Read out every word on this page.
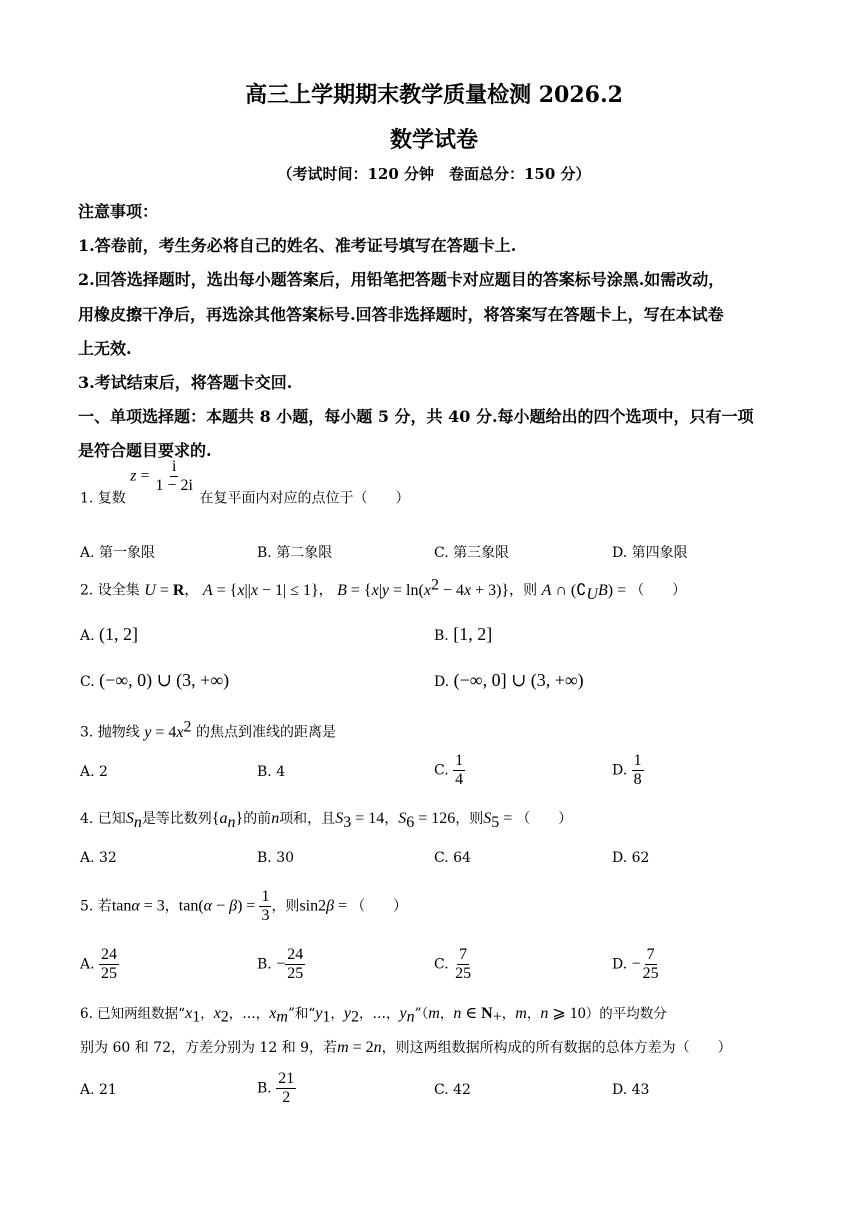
高三上学期期末教学质量检测 2026.2
数学试卷
（考试时间：120 分钟　卷面总分：150 分）
注意事项：
1.答卷前，考生务必将自己的姓名、准考证号填写在答题卡上.
2.回答选择题时，选出每小题答案后，用铅笔把答题卡对应题目的答案标号涂黑.如需改动，
用橡皮擦干净后，再选涂其他答案标号.回答非选择题时，将答案写在答题卡上，写在本试卷
上无效.
3.考试结束后，将答题卡交回.
一、单项选择题：本题共 8 小题，每小题 5 分，共 40 分.每小题给出的四个选项中，只有一项
是符合题目要求的.
1. 复数 $z = \frac{i}{1 - 2i}$
在复平面内对应的点位于（　　）
A. 第一象限	B. 第二象限	C. 第三象限	D. 第四象限
2. 设全集 U = R， A = {x||x − 1| ≤ 1}， $B = \{x|y = \ln(x^2 - 4x + 3)\}$，则 A ∩ $(∁_UB)$ = （　　）
A. (1, 2]	B. [1, 2]
C. (−∞, 0) ∪ (3, +∞)	D. (−∞, 0] ∪ (3, +∞)
3. 抛物线 $y = 4x^2$ 的焦点到准线的距离是
A. 2	B. 4	C. $\frac{1}{4}$	D. $\frac{1}{8}$
4. 已知$S_n$是等比数列$\{a_n\}$的前n项和，且$S_3 = 14$，$S_6 = 126$，则$S_5$ = （　　）
A. 32	B. 30	C. 64	D. 62
5. 若tanα = 3，$\tan(\alpha - \beta) = \frac{1}{3}$ ，则sin2β = （　　）
A. $\frac{24}{25}$	B. − $\frac{24}{25}$	C. $\frac{7}{25}$	D. − $\frac{7}{25}$
6. 已知两组数据“$x_1$，$x_2$，…，$x_m$”和“$y_1$，$y_2$，…，$y_n”(m$，n ∈ $N_+$，m，n ⩾ 10）的平均数分
别为 60 和 72，方差分别为 12 和 9，若m = 2n，则这两组数据所构成的所有数据的总体方差为（　　）
A. 21	B. $\frac{21}{2}$	C. 42	D. 43
